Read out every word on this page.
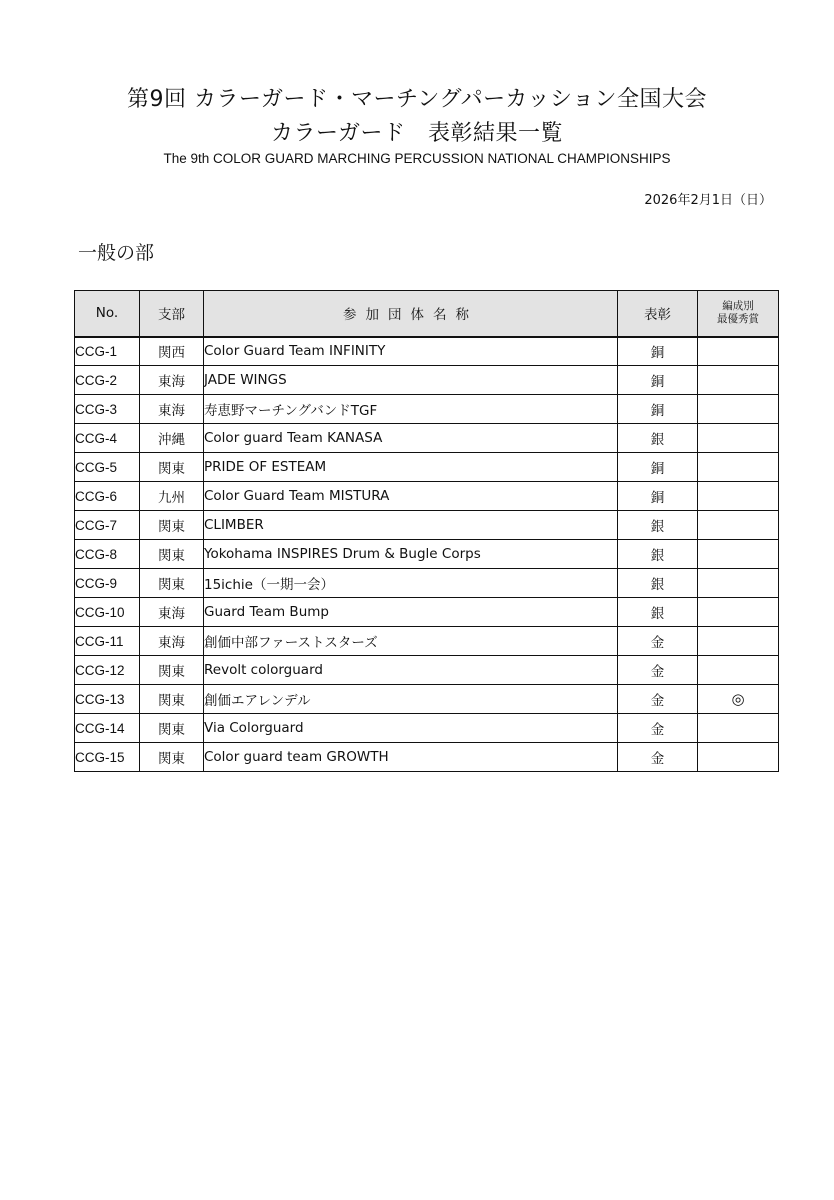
第9回 カラーガード・マーチングパーカッション全国大会
カラーガード　表彰結果一覧
The 9th COLOR GUARD MARCHING PERCUSSION NATIONAL CHAMPIONSHIPS
2026年2月1日（日）
一般の部
No.	支部	参加団体名称	表彰	編成別
最優秀賞

CCG-1	関西	Color Guard Team INFINITY	銅	
CCG-2	東海	JADE WINGS	銅	
CCG-3	東海	寿恵野マーチングバンドTGF	銅	
CCG-4	沖縄	Color guard Team KANASA	銀	
CCG-5	関東	PRIDE OF ESTEAM	銅	
CCG-6	九州	Color Guard Team MISTURA	銅	
CCG-7	関東	CLIMBER	銀	
CCG-8	関東	Yokohama INSPIRES Drum & Bugle Corps	銀	
CCG-9	関東	15ichie（一期一会）	銀	
CCG-10	東海	Guard Team Bump	銀	
CCG-11	東海	創価中部ファーストスターズ	金	
CCG-12	関東	Revolt colorguard	金	
CCG-13	関東	創価エアレンデル	金	◎
CCG-14	関東	Via Colorguard	金	
CCG-15	関東	Color guard team GROWTH	金	
